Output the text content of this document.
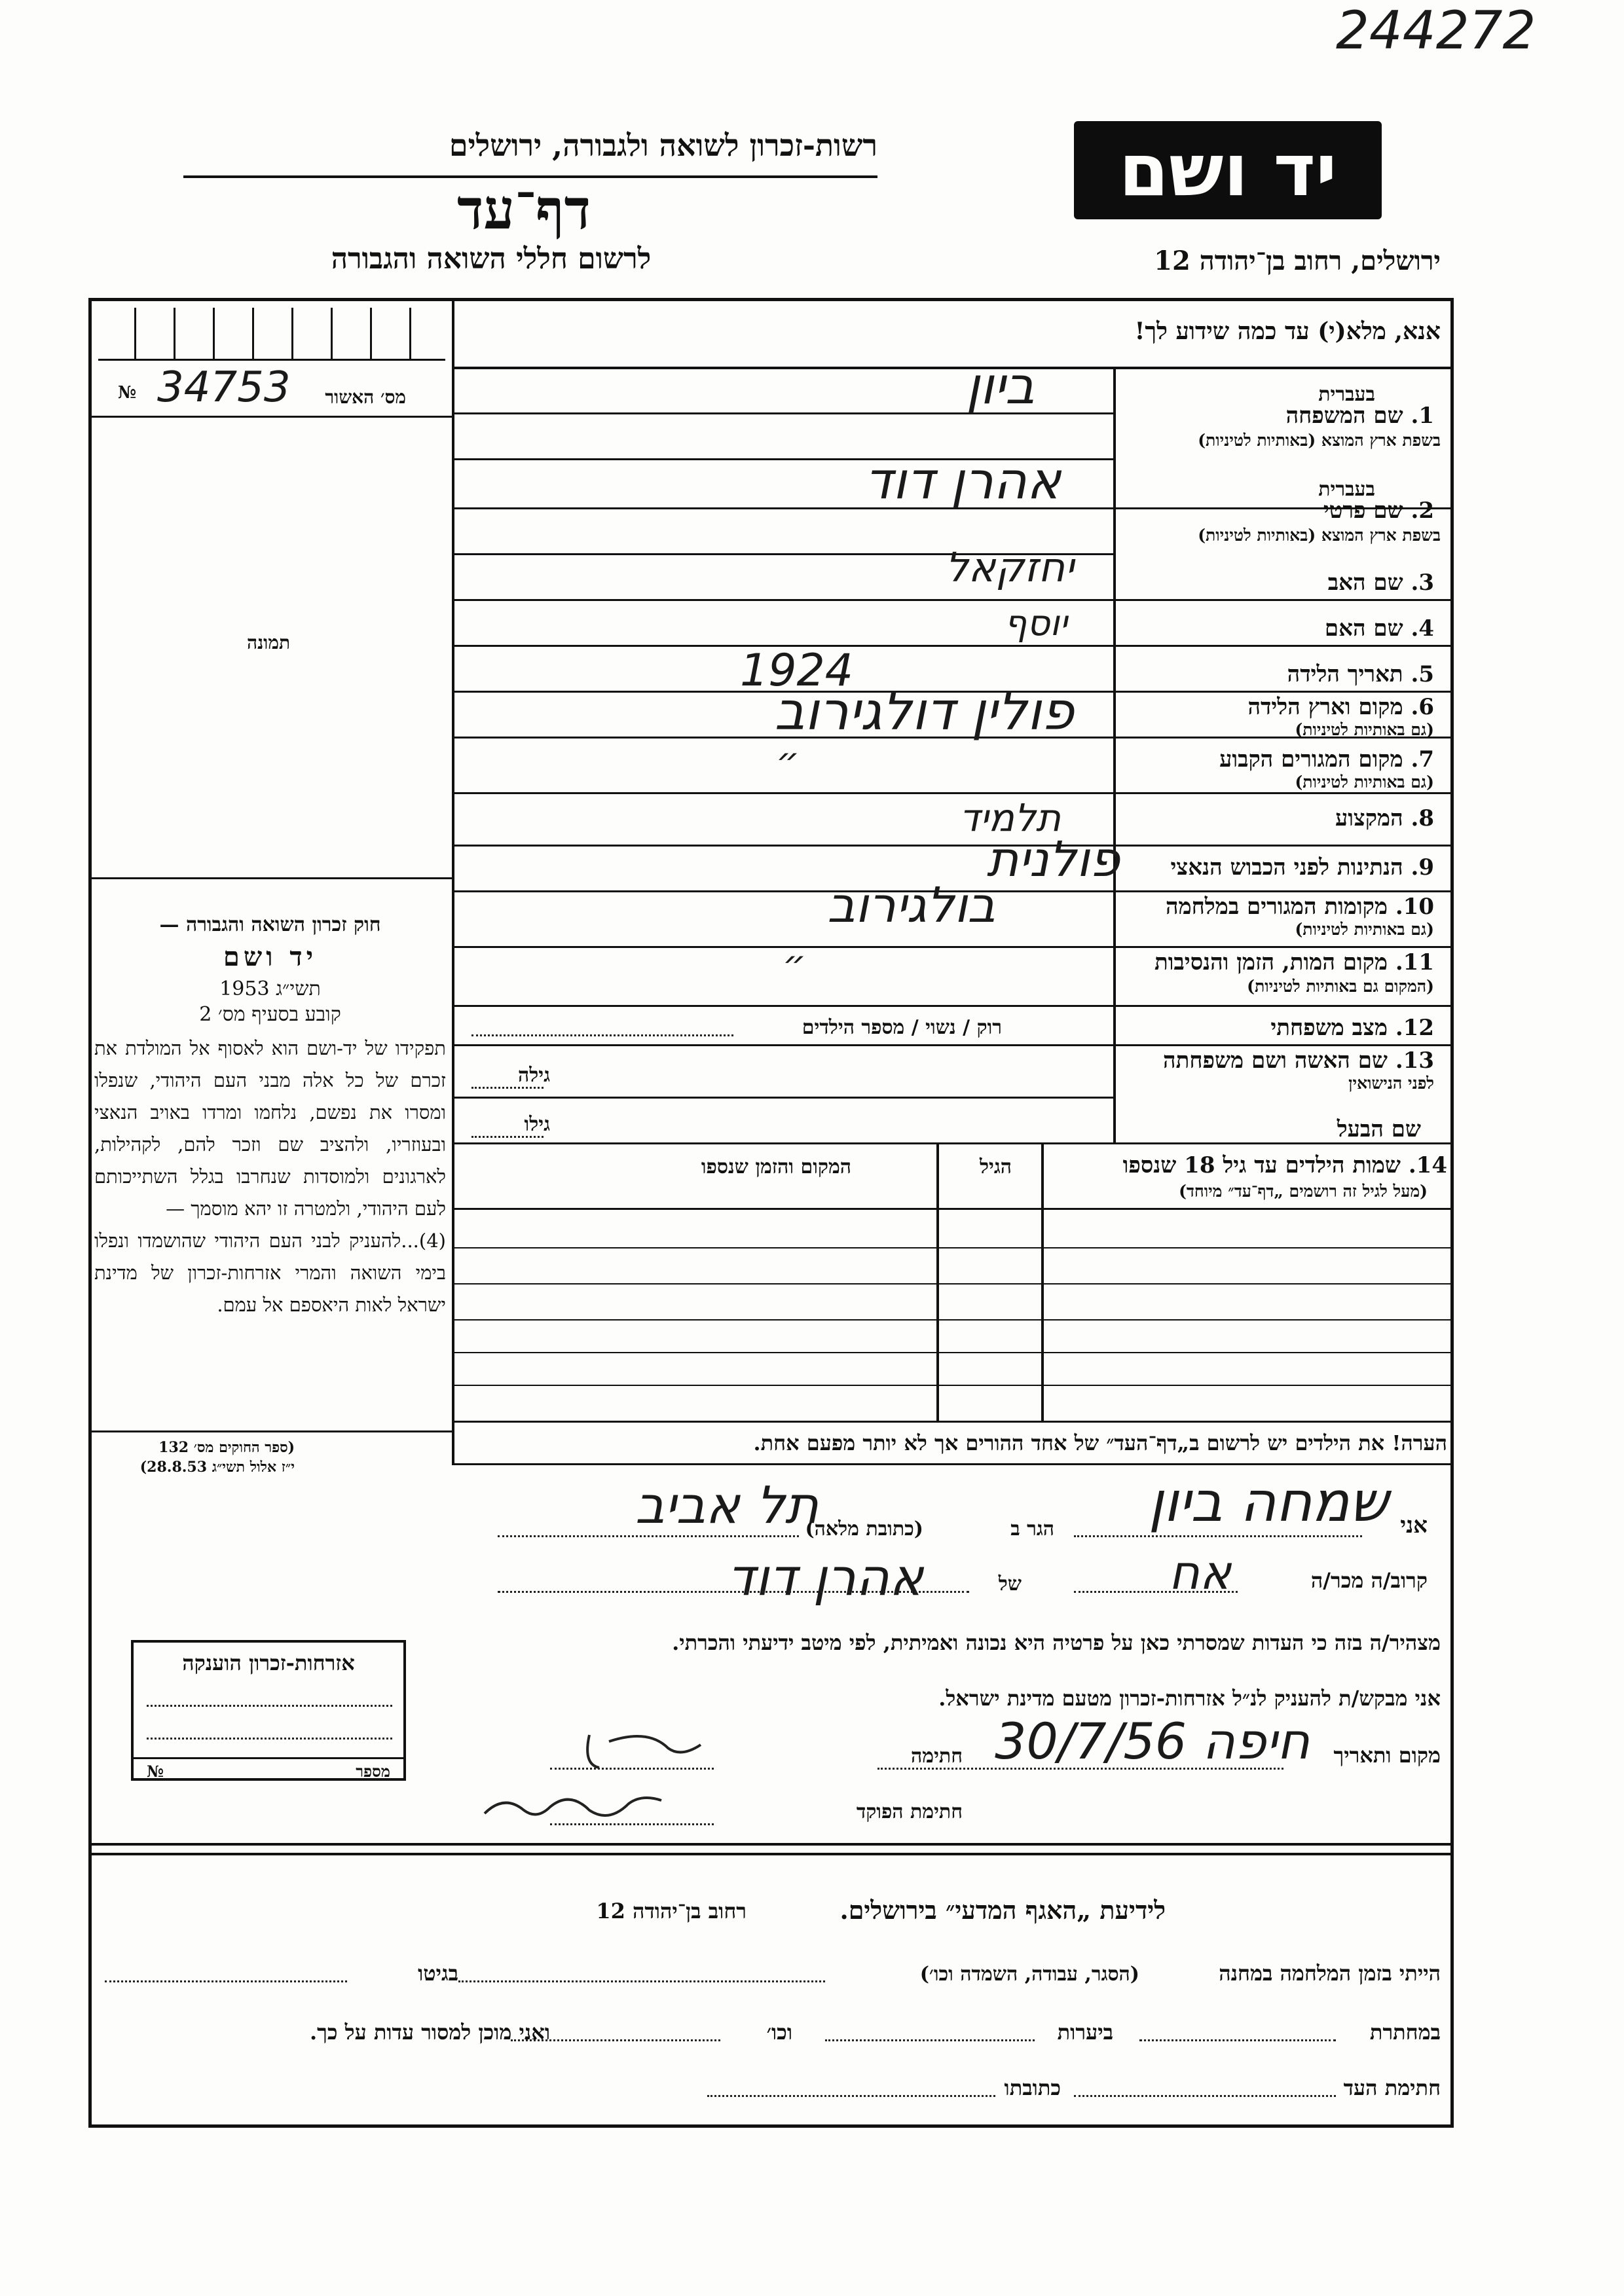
244272
יד ושם
רשות-זכרון לשואה ולגבורה, ירושלים
דף־עד
לרשום חללי השואה והגבורה	ירושלים, רחוב בן־יהודה 12
אנא, מלא(י) עד כמה שידוע לך!
№ 34753 מס׳ האשור
תמונה
בעברית
1. שם המשפחה
בשפת ארץ המוצא (באותיות לטיניות)
בעברית
2. שם פרטי
בשפת ארץ המוצא (באותיות לטיניות)
3. שם האב
4. שם האם
5. תאריך הלידה
6. מקום וארץ הלידה
(גם באותיות לטיניות)
7. מקום המגורים הקבוע
(גם באותיות לטיניות)
8. המקצוע
9. הנתינות לפני הכבוש הנאצי
10. מקומות המגורים במלחמה
(גם באותיות לטיניות)
11. מקום המות, הזמן והנסיבות
(המקום גם באותיות לטיניות)
12. מצב משפחתי
רוק / נשוי / מספר הילדים
13. שם האשה ושם משפחתה
לפני הנישואין
גילה
שם הבעל
גילו
14. שמות הילדים עד גיל 18 שנספו
(מעל לגיל זה רושמים „דף־עד״ מיוחד)
הגיל
המקום והזמן שנספו
ביון
אהרן דוד
יחזקאל
יוסף
1924
פולין דולגירוב
״
תלמיד
פולנית
בולגירוב
״
חוק זכרון השואה והגבורה —
יד ושם
תשי״ג 1953
קובע בסעיף מס׳ 2
תפקידו של יד-ושם הוא לאסוף אל המולדת את זכרם של כל אלה מבני העם היהודי, שנפלו ומסרו את נפשם, נלחמו ומרדו באויב הנאצי ובעוזריו, ולהציב שם וזכר להם, לקהילות, לארגונים ולמוסדות שנחרבו בגלל השתייכותם לעם היהודי, ולמטרה זו יהא מוסמך —
(4)...להעניק לבני העם היהודי שהושמדו ונפלו בימי השואה והמרי אזרחות-זכרון של מדינת ישראל לאות היאספם אל עמם.
(ספר החוקים מס׳ 132
י״ז אלול תשי״ג 28.8.53)
הערה! את הילדים יש לרשום ב„דף־העד״ של אחד ההורים אך לא יותר מפעם אחת.
אני
שמחה ביון
הגר ב
(כתובת מלאה)
תל אביב
קרוב/ה מכר/ה
אח
של
אהרן דוד
מצהיר/ה בזה כי העדות שמסרתי כאן על פרטיה היא נכונה ואמיתית, לפי מיטב ידיעתי והכרתי.
אני מבקש/ת להעניק לנ״ל אזרחות-זכרון מטעם מדינת ישראל.
מקום ותאריך
חיפה 30/7/56
חתימה
חתימת הפוקד
אזרחות-זכרון הוענקה
מספר
№
לידיעת „האגף המדעי״ בירושלים.
רחוב בן־יהודה 12
הייתי בזמן המלחמה במחנה
(הסגר, עבודה, השמדה וכו׳)
בגיטו
במחתרת
ביערות
וכו׳
ואני מוכן למסור עדות על כך.
חתימת העד
כתובתו
